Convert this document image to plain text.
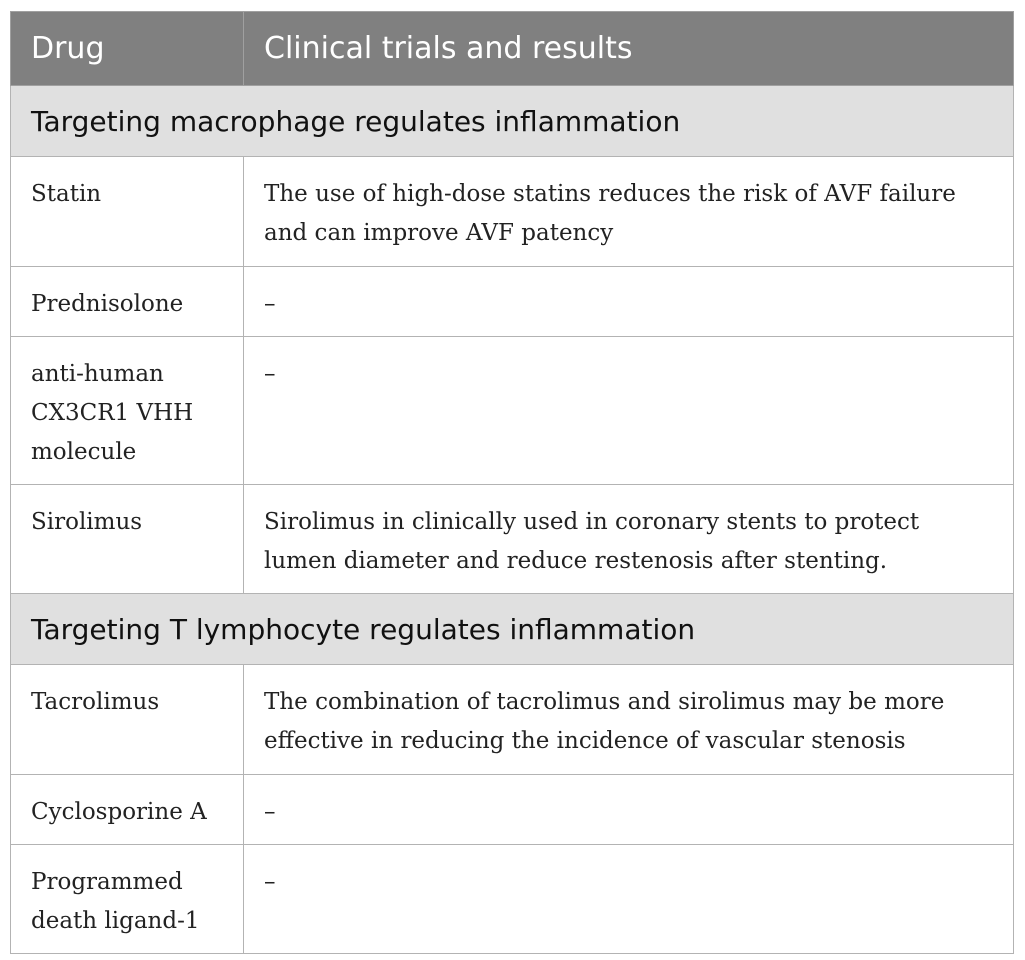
Drug	Clinical trials and results
Targeting macrophage regulates inflammation	
Statin	The use of high-dose statins reduces the risk of AVF failure and can improve AVF patency
Prednisolone	–
anti-human CX3CR1 VHH molecule	–
Sirolimus	Sirolimus in clinically used in coronary stents to protect lumen diameter and reduce restenosis after stenting.
Targeting T lymphocyte regulates inflammation	
Tacrolimus	The combination of tacrolimus and sirolimus may be more effective in reducing the incidence of vascular stenosis
Cyclosporine A	–
Programmed death ligand-1	–
